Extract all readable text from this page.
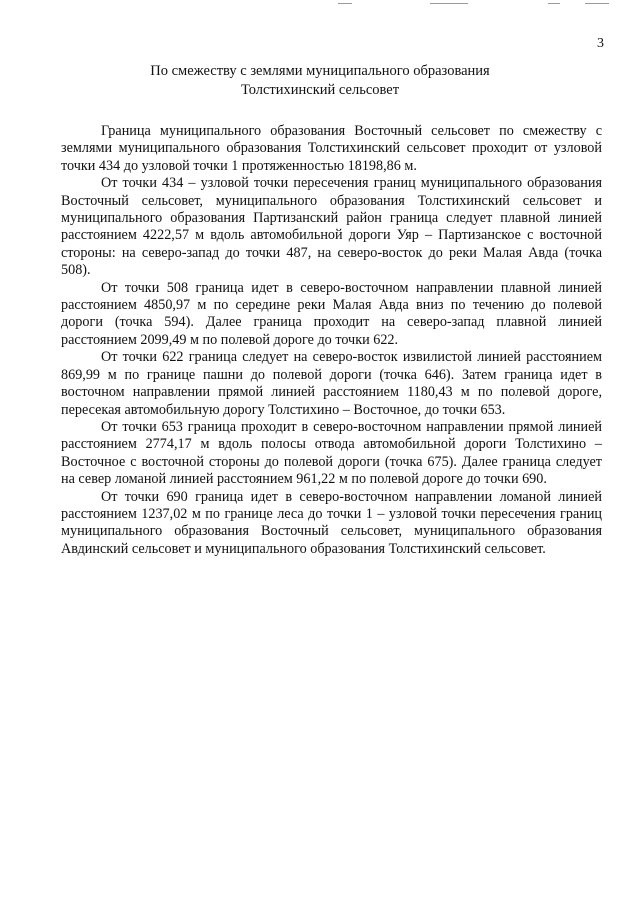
3
По смежеству с землями муниципального образования
Толстихинский сельсовет

Граница муниципального образования Восточный сельсовет по смежеству с землями муниципального образования Толстихинский сельсовет проходит от узловой точки 434 до узловой точки 1 протяженностью 18198,86 м.

От точки 434 – узловой точки пересечения границ муниципального образования Восточный сельсовет, муниципального образования Толстихинский сельсовет и муниципального образования Партизанский район граница следует плавной линией расстоянием 4222,57 м вдоль автомобильной дороги Уяр – Партизанское с восточной стороны: на северо-запад до точки 487, на северо-восток до реки Малая Авда (точка 508).

От точки 508 граница идет в северо-восточном направлении плавной линией расстоянием 4850,97 м по середине реки Малая Авда вниз по течению до полевой дороги (точка 594). Далее граница проходит на северо-запад плавной линией расстоянием 2099,49 м по полевой дороге до точки 622.

От точки 622 граница следует на северо-восток извилистой линией расстоянием 869,99 м по границе пашни до полевой дороги (точка 646). Затем граница идет в восточном направлении прямой линией расстоянием 1180,43 м по полевой дороге, пересекая автомобильную дорогу Толстихино – Восточное, до точки 653.

От точки 653 граница проходит в северо-восточном направлении прямой линией расстоянием 2774,17 м вдоль полосы отвода автомобильной дороги Толстихино – Восточное с восточной стороны до полевой дороги (точка 675). Далее граница следует на север ломаной линией расстоянием 961,22 м по полевой дороге до точки 690.

От точки 690 граница идет в северо-восточном направлении ломаной линией расстоянием 1237,02 м по границе леса до точки 1 – узловой точки пересечения границ муниципального образования Восточный сельсовет, муниципального образования Авдинский сельсовет и муниципального образования Толстихинский сельсовет.
